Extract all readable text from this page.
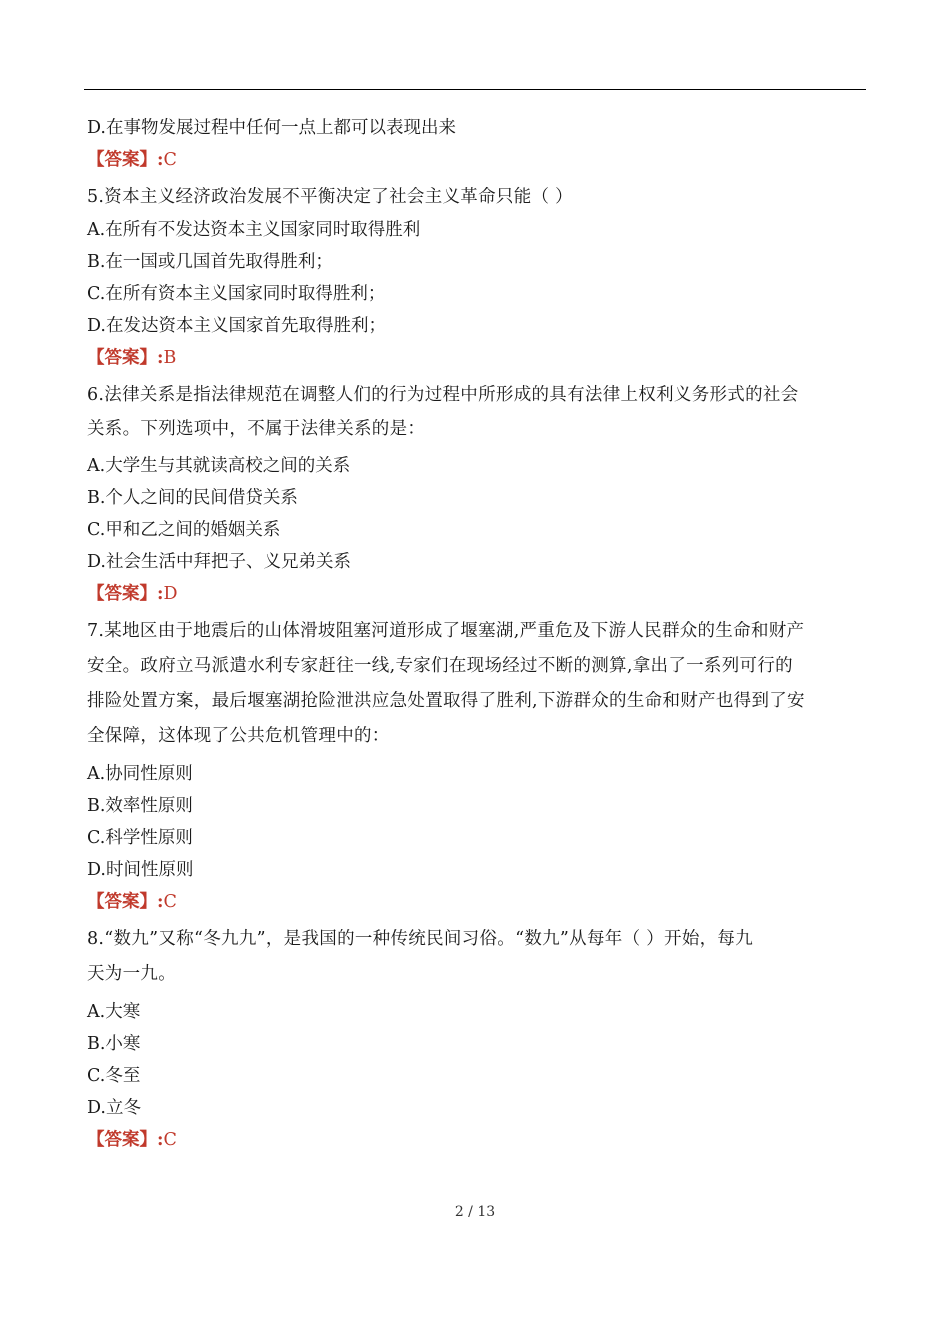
D.在事物发展过程中任何一点上都可以表现出来
【答案】:C
5.资本主义经济政治发展不平衡决定了社会主义革命只能（ ）
A.在所有不发达资本主义国家同时取得胜利
B.在一国或几国首先取得胜利；
C.在所有资本主义国家同时取得胜利；
D.在发达资本主义国家首先取得胜利；
【答案】:B
6.法律关系是指法律规范在调整人们的行为过程中所形成的具有法律上权利义务形式的社会
关系。下列选项中，不属于法律关系的是：
A.大学生与其就读高校之间的关系
B.个人之间的民间借贷关系
C.甲和乙之间的婚姻关系
D.社会生活中拜把子、义兄弟关系
【答案】:D
7.某地区由于地震后的山体滑坡阻塞河道形成了堰塞湖,严重危及下游人民群众的生命和财产
安全。政府立马派遣水利专家赶往一线,专家们在现场经过不断的测算,拿出了一系列可行的
排险处置方案，最后堰塞湖抢险泄洪应急处置取得了胜利,下游群众的生命和财产也得到了安
全保障，这体现了公共危机管理中的：
A.协同性原则
B.效率性原则
C.科学性原则
D.时间性原则
【答案】:C
8.“数九”又称“冬九九”，是我国的一种传统民间习俗。“数九”从每年（ ）开始，每九
天为一九。
A.大寒
B.小寒
C.冬至
D.立冬
【答案】:C
2 / 13
